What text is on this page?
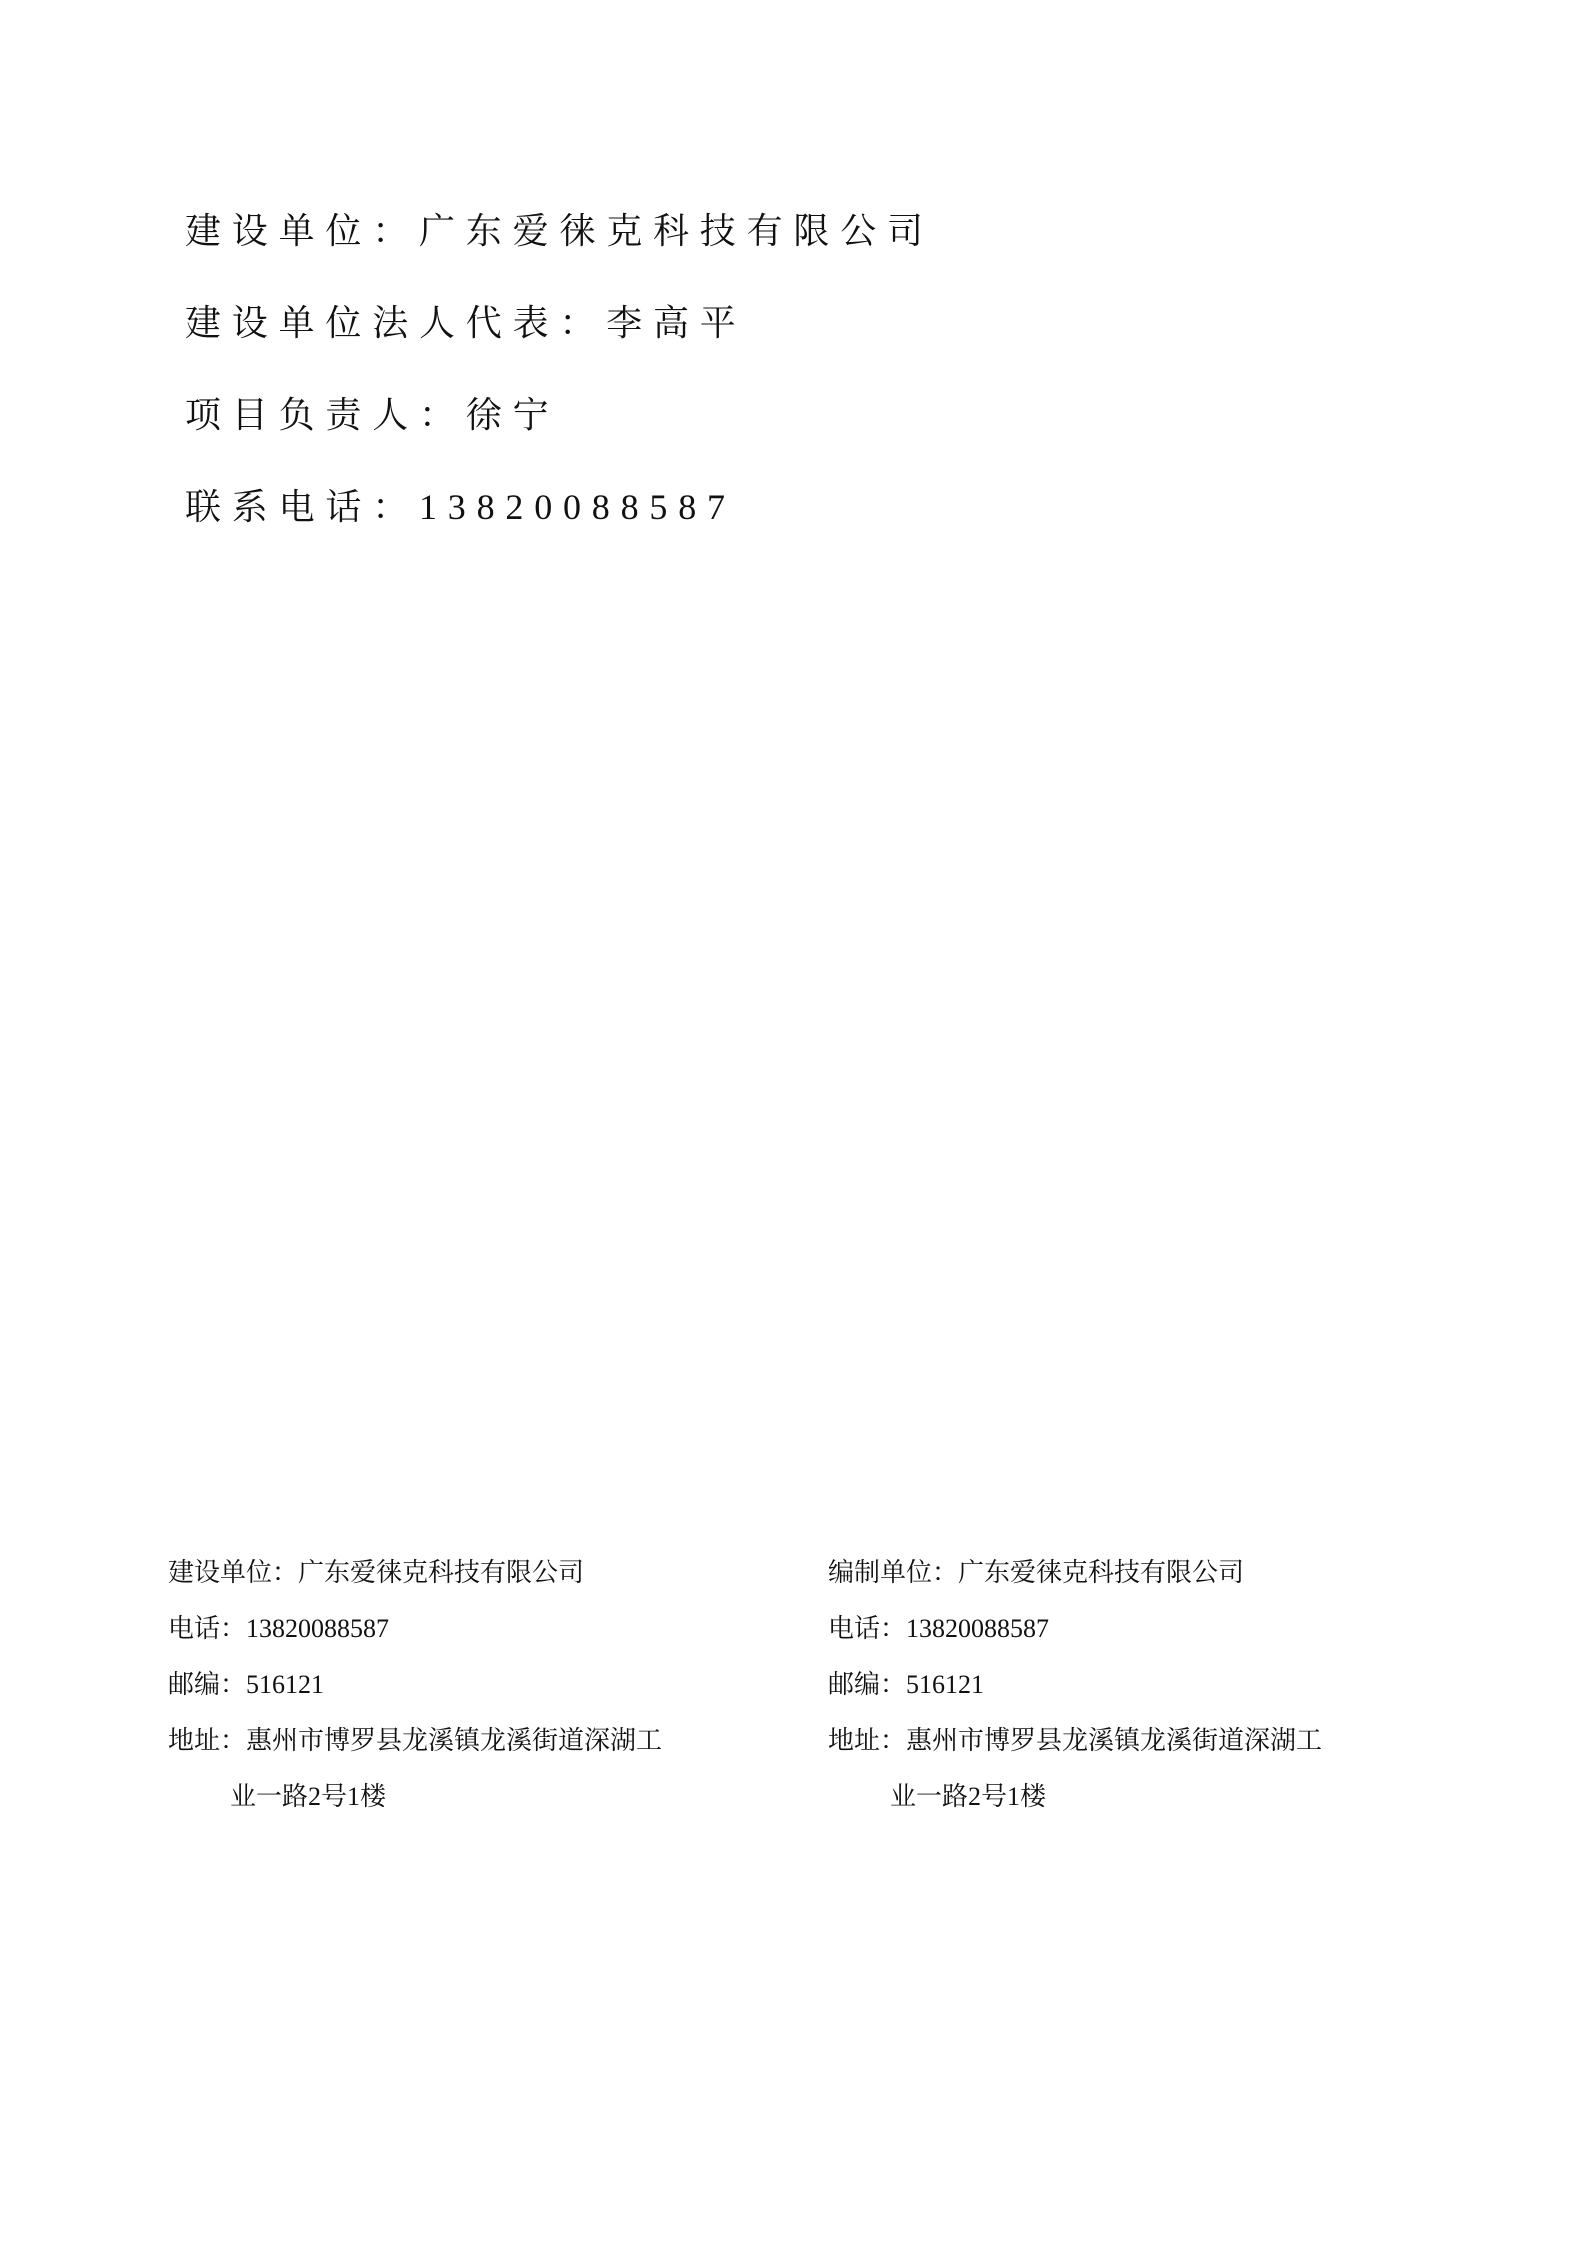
建设单位：广东爱徕克科技有限公司
建设单位法人代表：李高平
项目负责人：徐宁
联系电话：13820088587
建设单位：广东爱徕克科技有限公司
电话：13820088587
邮编：516121
地址：惠州市博罗县龙溪镇龙溪街道深湖工
业一路2号1楼
编制单位：广东爱徕克科技有限公司
电话：13820088587
邮编：516121
地址：惠州市博罗县龙溪镇龙溪街道深湖工
业一路2号1楼
